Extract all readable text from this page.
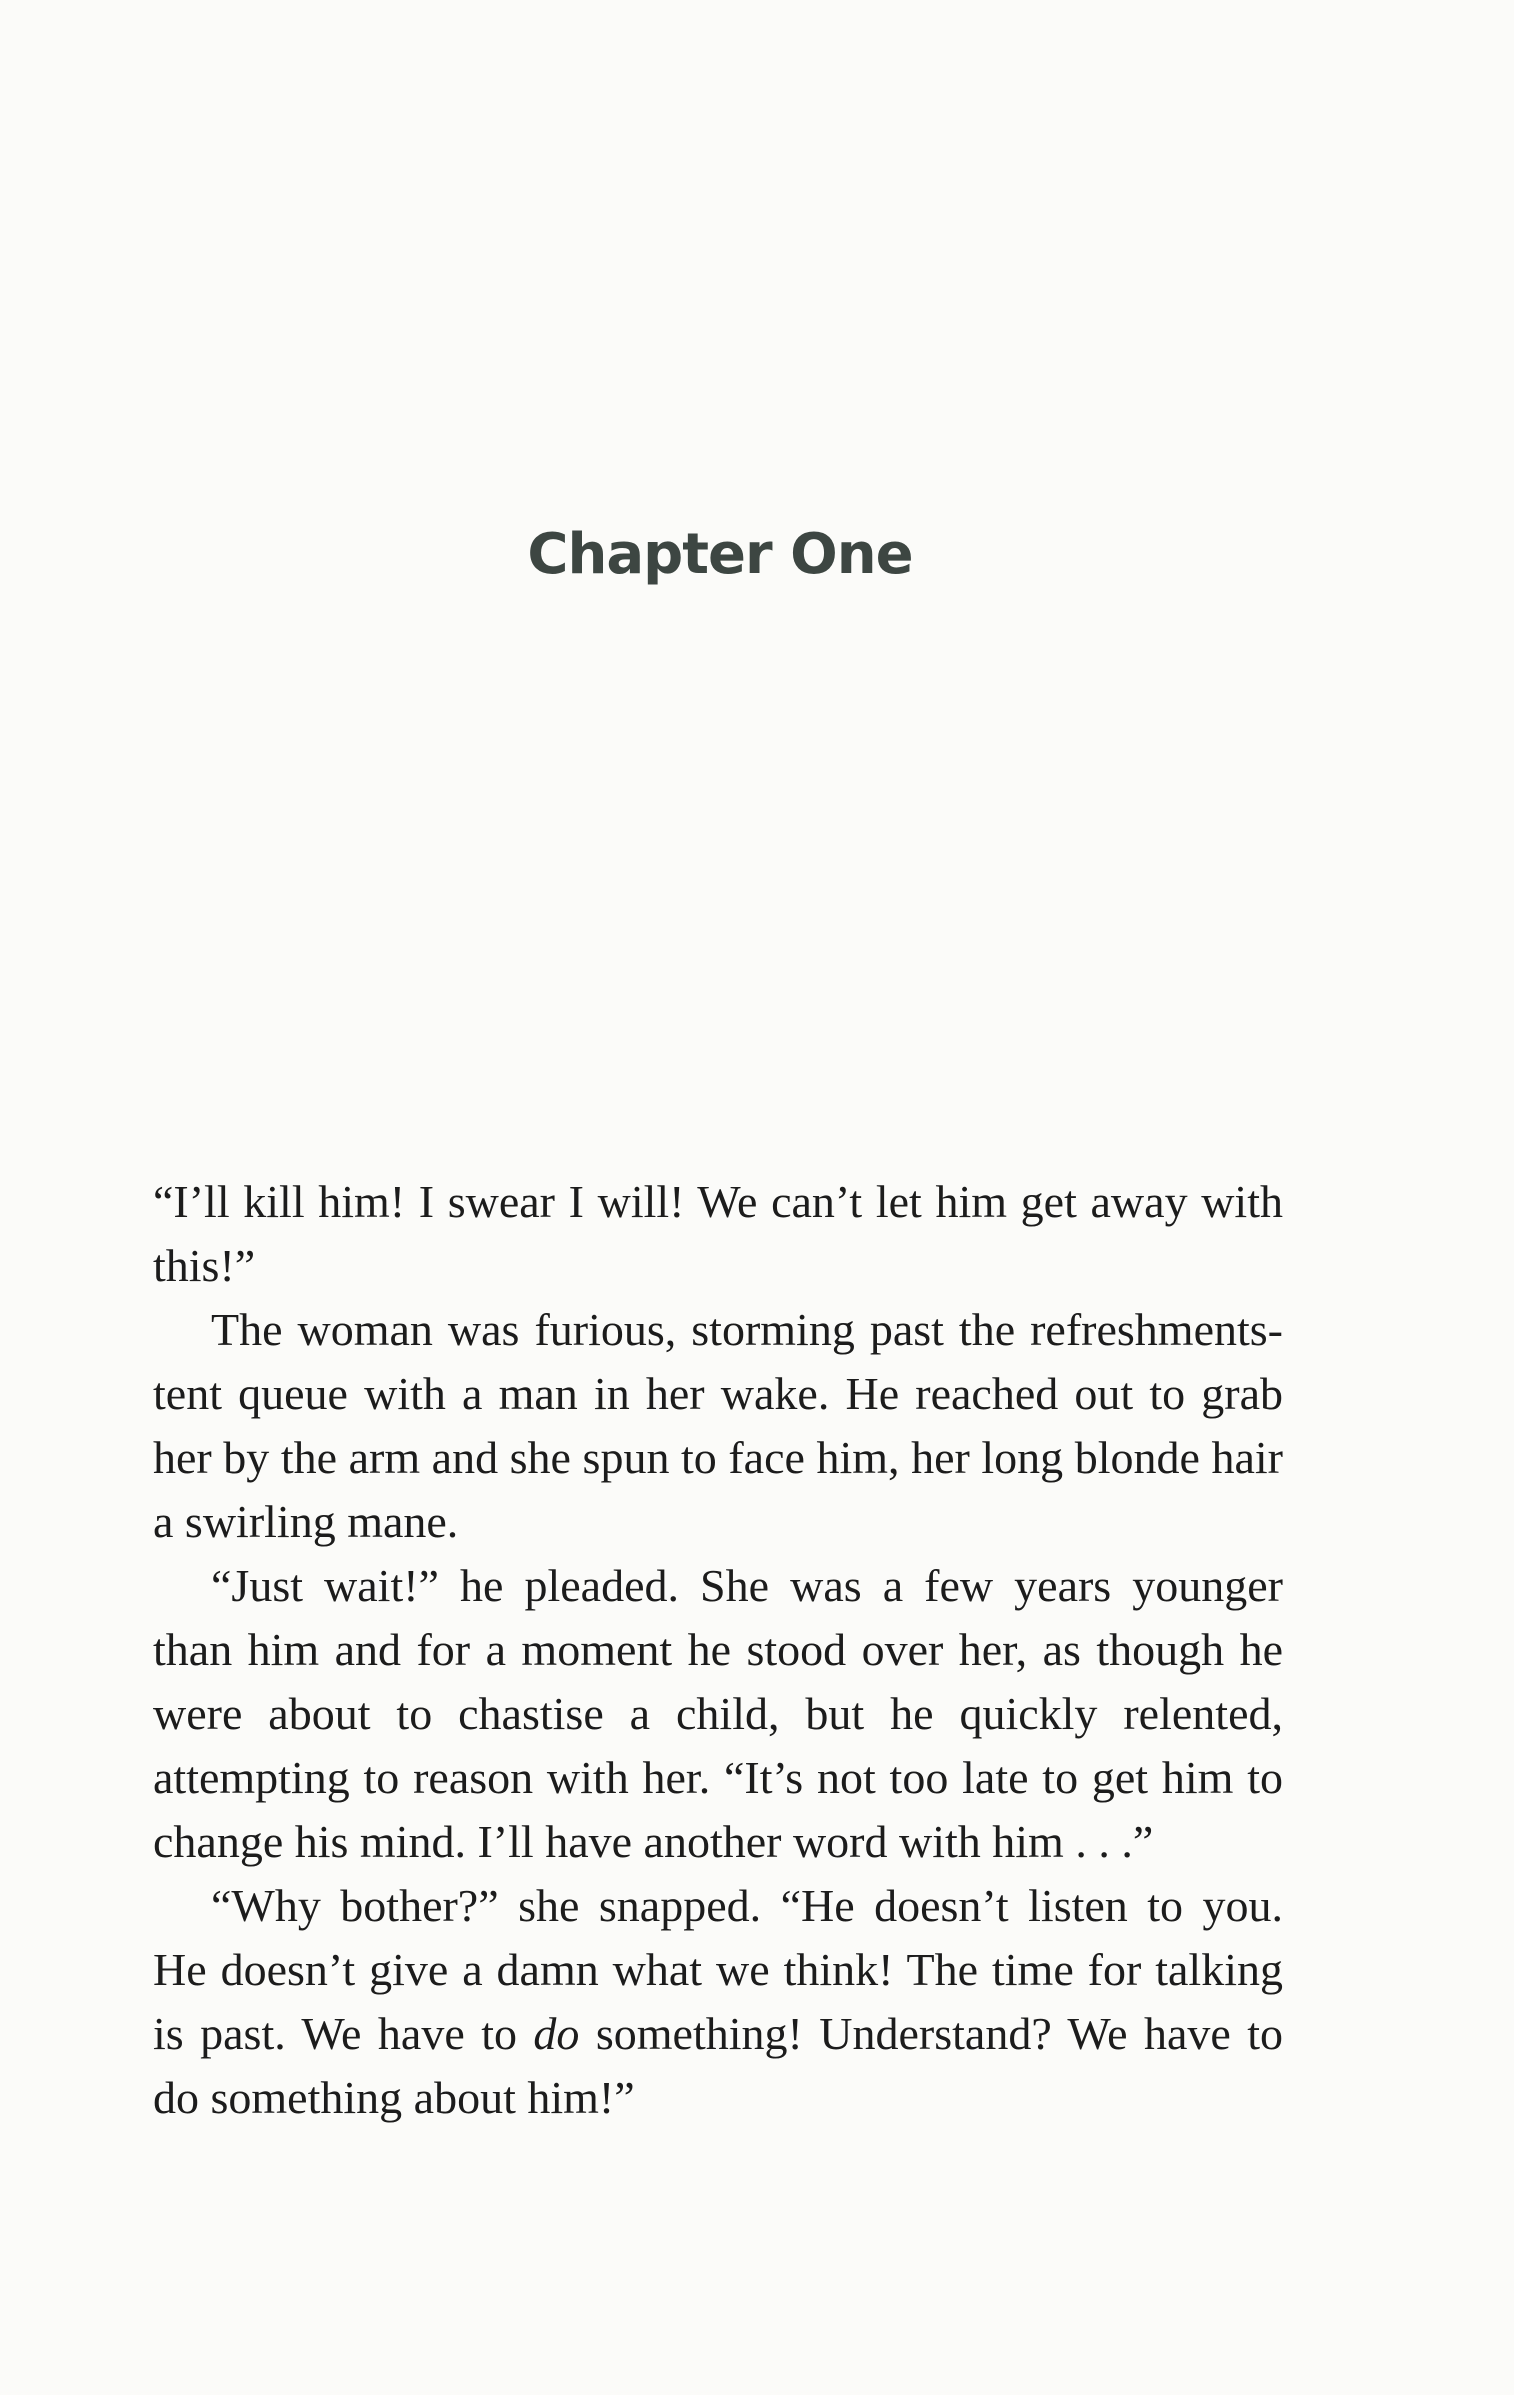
Chapter One

“I’ll kill him! I swear I will! We can’t let him get away with this!”

The woman was furious, storming past the refreshments-tent queue with a man in her wake. He reached out to grab her by the arm and she spun to face him, her long blonde hair a swirling mane.

“Just wait!” he pleaded. She was a few years younger than him and for a moment he stood over her, as though he were about to chastise a child, but he quickly relented, attempting to reason with her. “It’s not too late to get him to change his mind. I’ll have another word with him . . .”

“Why bother?” she snapped. “He doesn’t listen to you. He doesn’t give a damn what we think! The time for talking is past. We have to do something! Understand? We have to do something about him!”
